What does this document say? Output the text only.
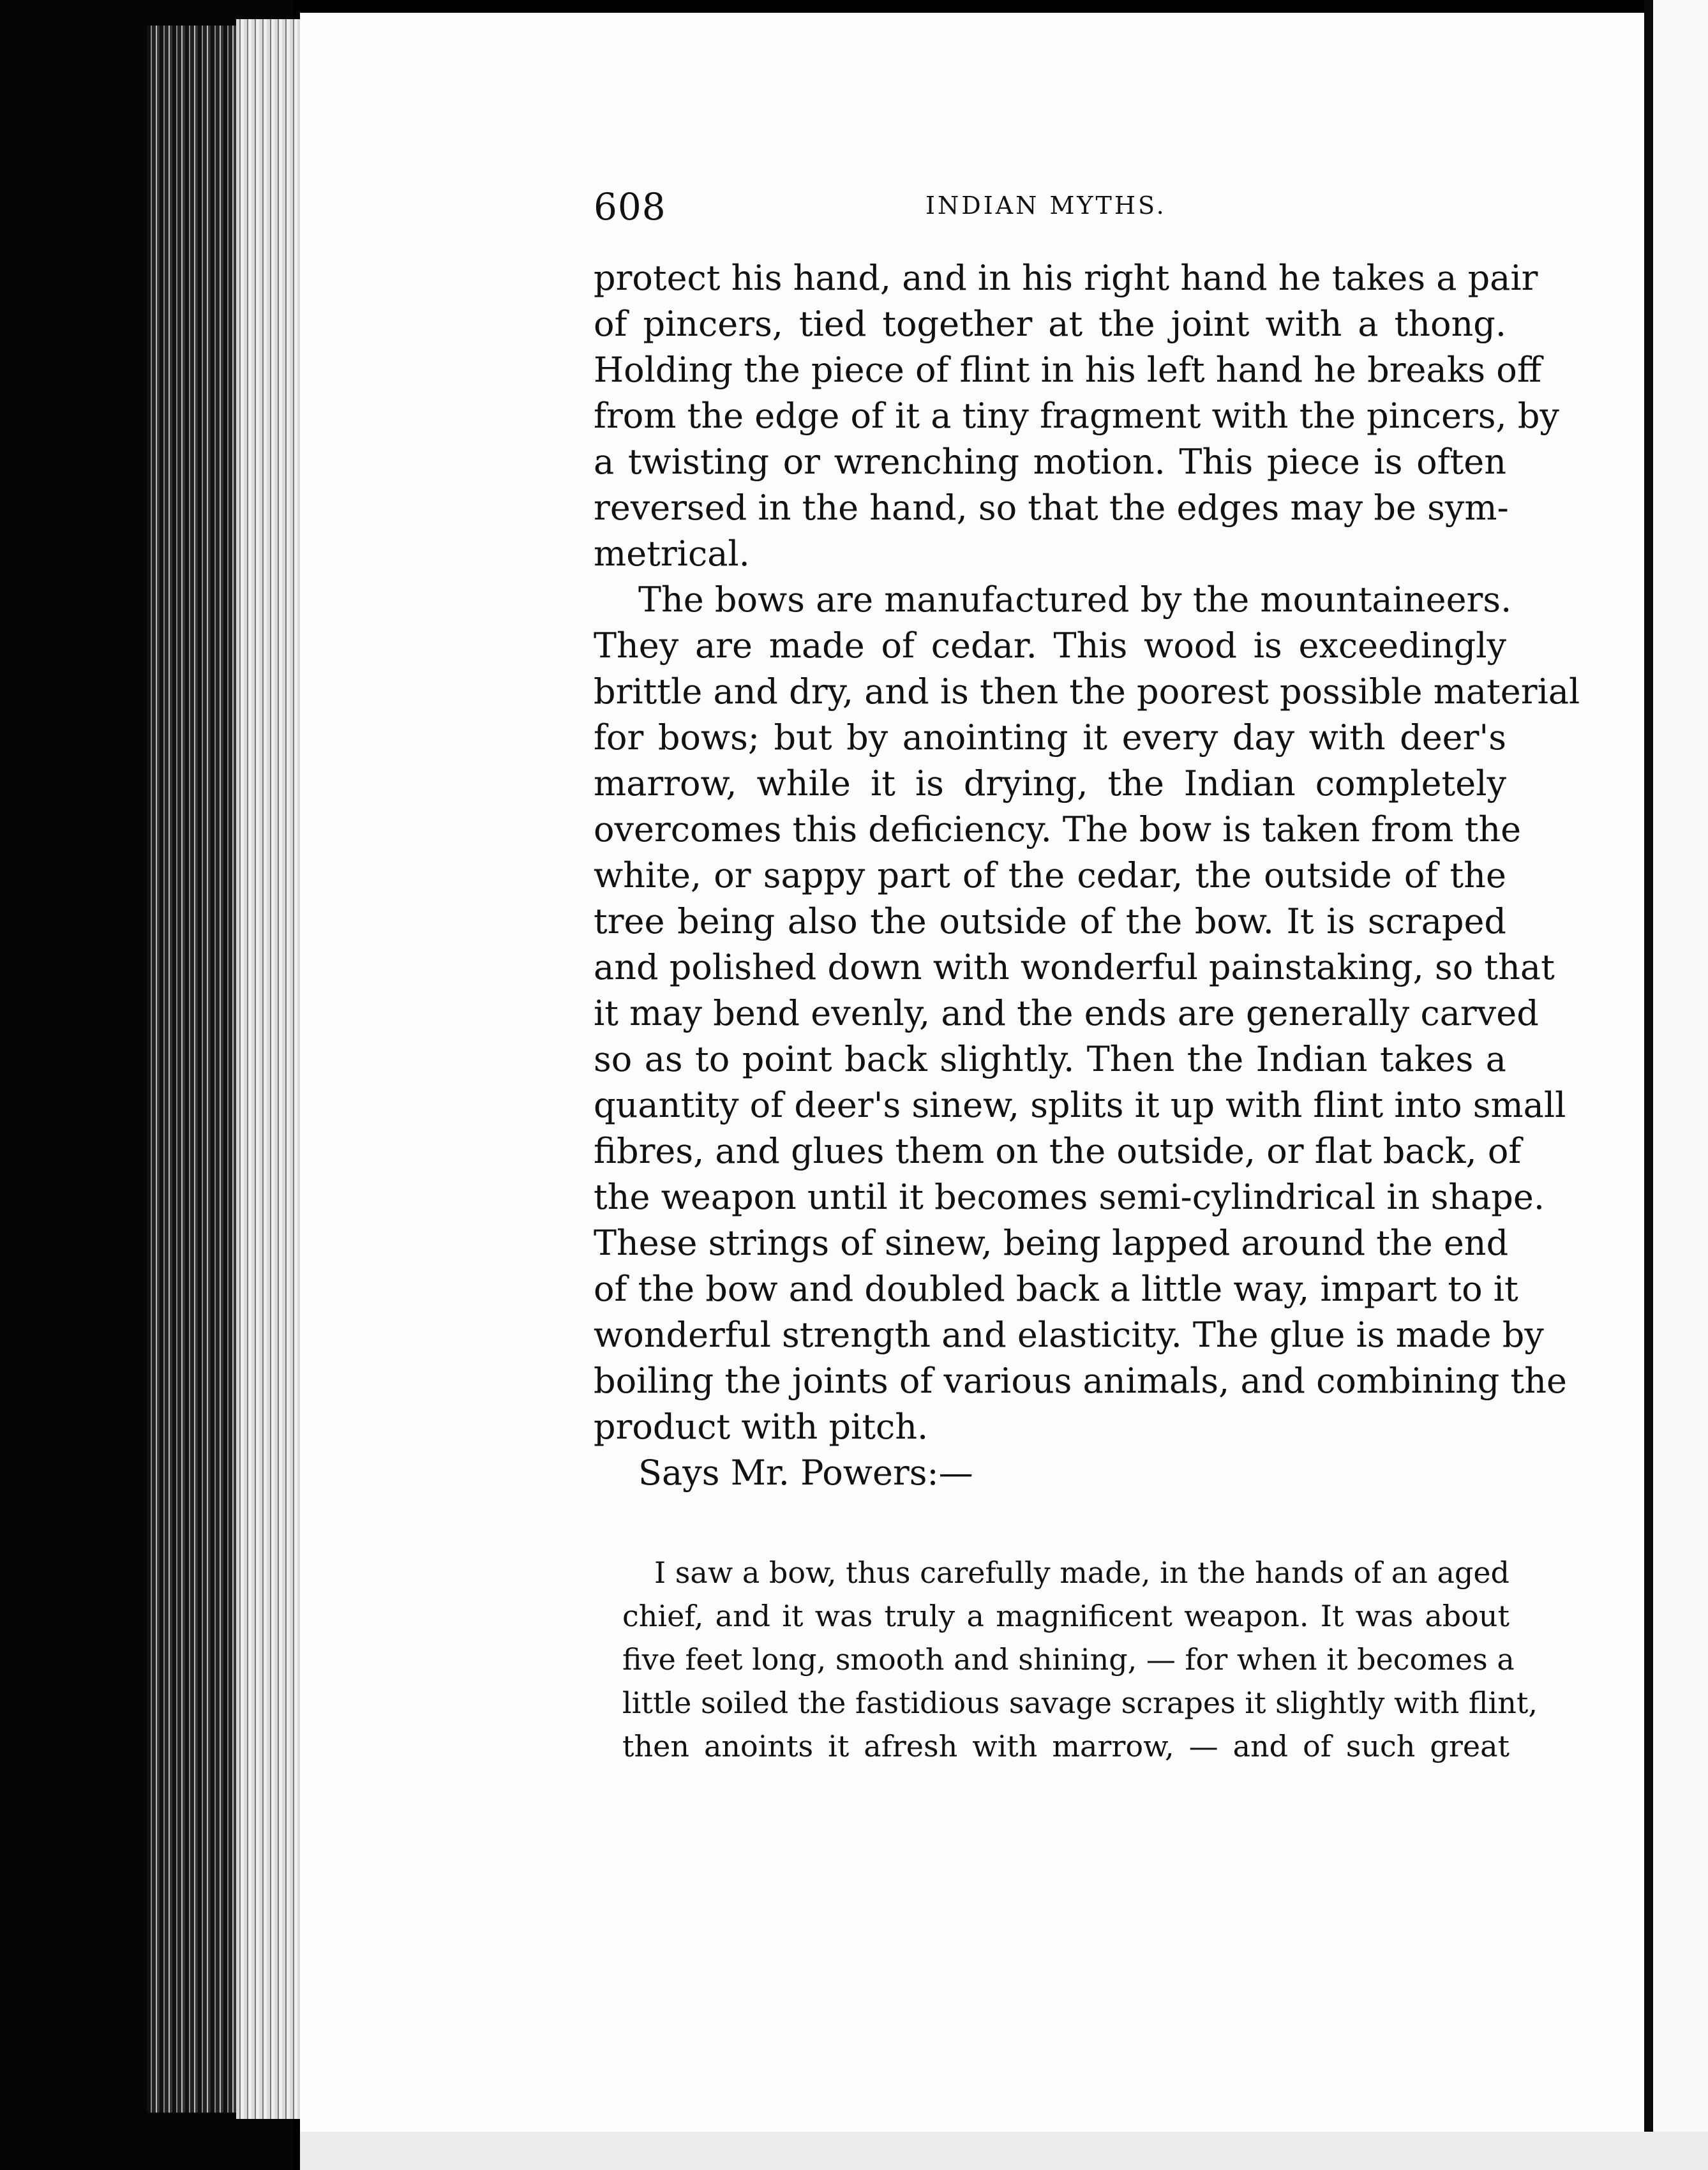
608	INDIAN MYTHS.
protect his hand, and in his right hand he takes a pair
of pincers, tied together at the joint with a thong.
Holding the piece of flint in his left hand he breaks off
from the edge of it a tiny fragment with the pincers, by
a twisting or wrenching motion. This piece is often
reversed in the hand, so that the edges may be sym-
metrical.
The bows are manufactured by the mountaineers.
They are made of cedar. This wood is exceedingly
brittle and dry, and is then the poorest possible material
for bows; but by anointing it every day with deer's
marrow, while it is drying, the Indian completely
overcomes this deficiency. The bow is taken from the
white, or sappy part of the cedar, the outside of the
tree being also the outside of the bow. It is scraped
and polished down with wonderful painstaking, so that
it may bend evenly, and the ends are generally carved
so as to point back slightly. Then the Indian takes a
quantity of deer's sinew, splits it up with flint into small
fibres, and glues them on the outside, or flat back, of
the weapon until it becomes semi-cylindrical in shape.
These strings of sinew, being lapped around the end
of the bow and doubled back a little way, impart to it
wonderful strength and elasticity. The glue is made by
boiling the joints of various animals, and combining the
product with pitch.
Says Mr. Powers:—
I saw a bow, thus carefully made, in the hands of an aged
chief, and it was truly a magnificent weapon. It was about
five feet long, smooth and shining, — for when it becomes a
little soiled the fastidious savage scrapes it slightly with flint,
then anoints it afresh with marrow, — and of such great
